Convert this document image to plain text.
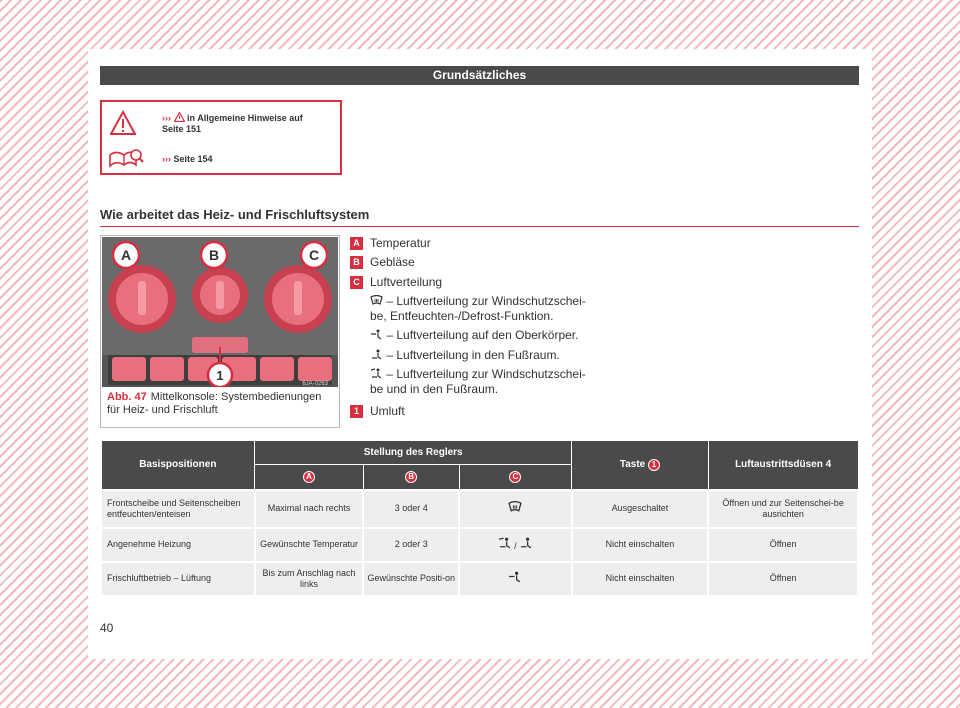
Grundsätzliches
››› in Allgemeine Hinweise auf
Seite 151
››› Seite 154
Wie arbeitet das Heiz- und Frischluftsystem
A	B	C
1
6JA-0263
Abb. 47 Mittelkonsole: Systembedienungen für Heiz- und Frischluft
A Temperatur
B Gebläse
C Luftverteilung
– Luftverteilung zur Windschutzschei-
be, Entfeuchten-/Defrost-Funktion.
– Luftverteilung auf den Oberkörper.
– Luftverteilung in den Fußraum.
– Luftverteilung zur Windschutzschei-
be und in den Fußraum.
1 Umluft
Basispositionen	Stellung des Reglers			Taste 1	Luftaustrittsdüsen 4
	A	B	C		
Frontscheibe und Seitenscheiben entfeuchten/enteisen	Maximal nach rechts	3 oder 4		Ausgeschaltet	Öffnen und zur Seitenschei-be ausrichten
Angenehme Heizung	Gewünschte Temperatur	2 oder 3	/	Nicht einschalten	Öffnen
Frischluftbetrieb – Lüftung	Bis zum Anschlag nach links	Gewünschte Positi-on		Nicht einschalten	Öffnen
40
